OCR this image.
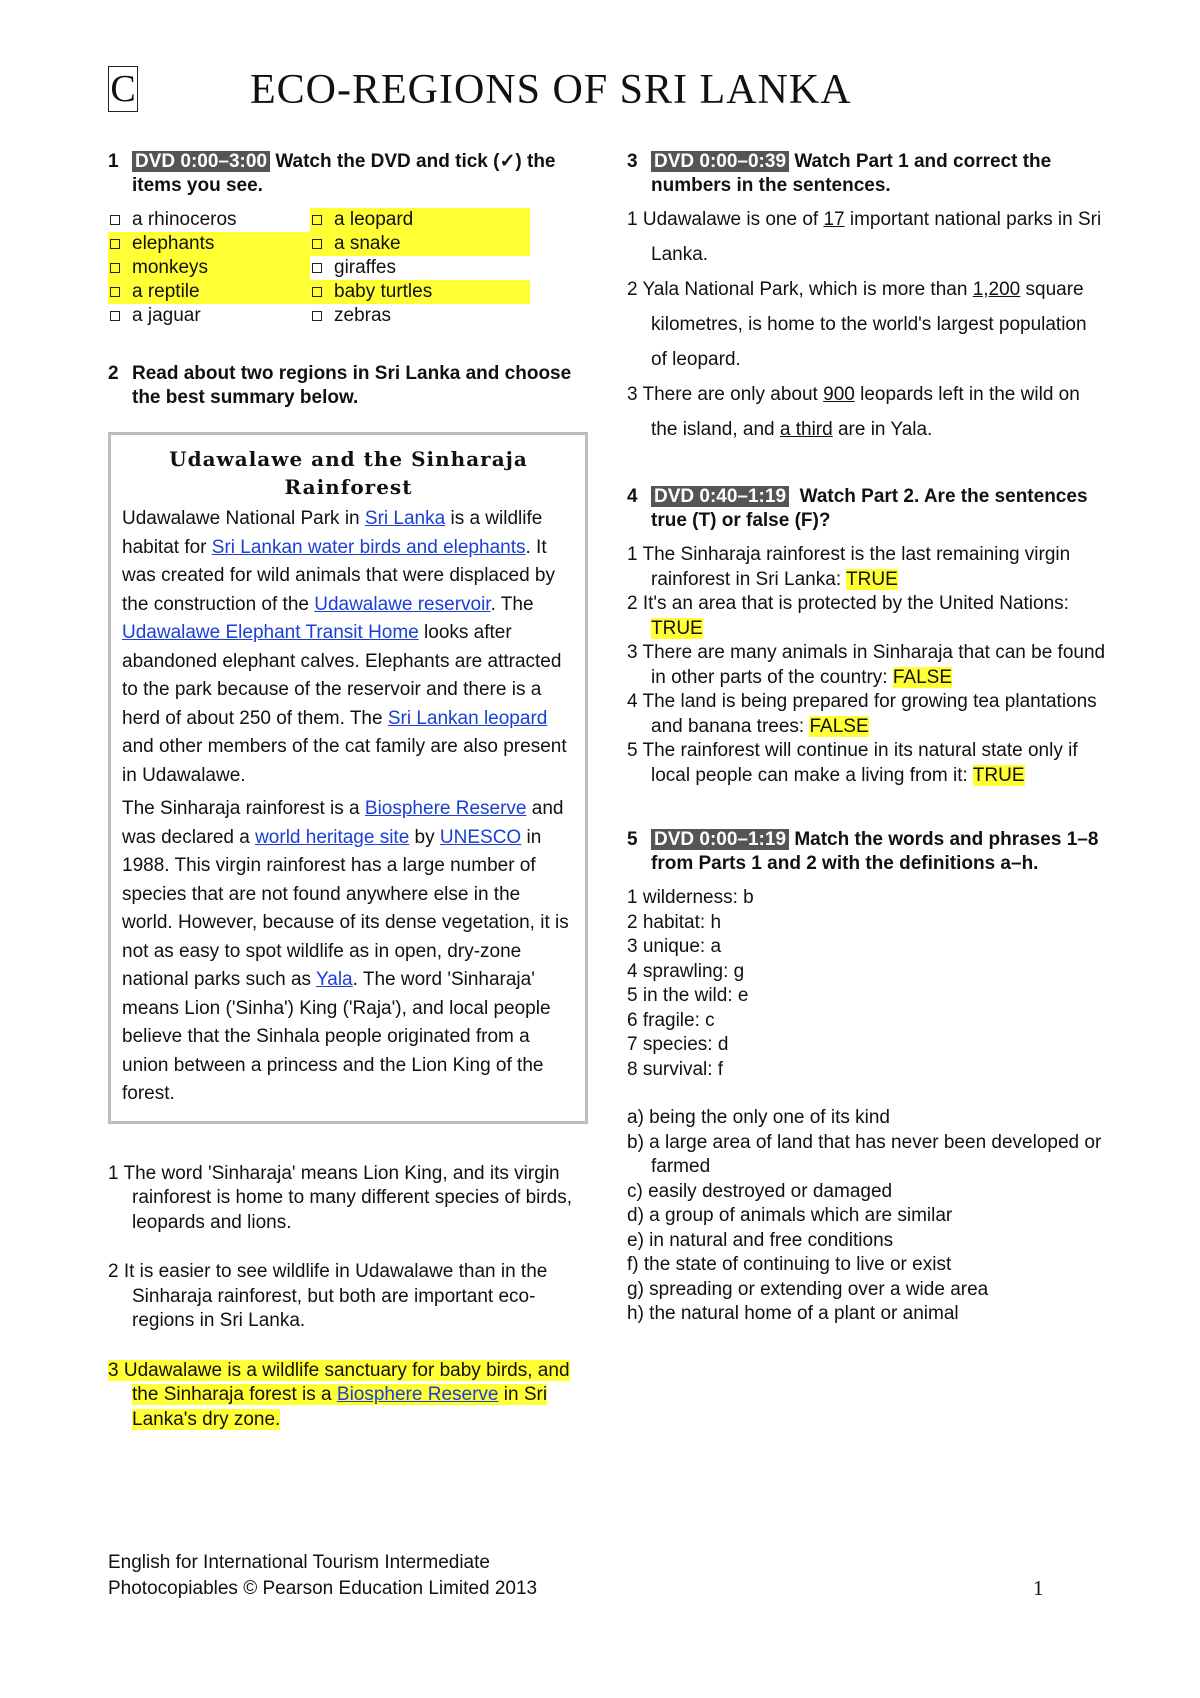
C	ECO-REGIONS OF SRI LANKA
1 DVD 0:00–3:00 Watch the DVD and tick (✓) the items you see.
a rhinoceros
elephants
monkeys
a reptile
a jaguar
a leopard
a snake
giraffes
baby turtles
zebras
2 Read about two regions in Sri Lanka and choose the best summary below.
Udawalawe and the Sinharaja Rainforest

Udawalawe National Park in Sri Lanka is a wildlife habitat for Sri Lankan water birds and elephants. It was created for wild animals that were displaced by the construction of the Udawalawe reservoir. The Udawalawe Elephant Transit Home looks after abandoned elephant calves. Elephants are attracted to the park because of the reservoir and there is a herd of about 250 of them. The Sri Lankan leopard and other members of the cat family are also present in Udawalawe.

The Sinharaja rainforest is a Biosphere Reserve and was declared a world heritage site by UNESCO in 1988. This virgin rainforest has a large number of species that are not found anywhere else in the world. However, because of its dense vegetation, it is not as easy to spot wildlife as in open, dry-zone national parks such as Yala. The word 'Sinharaja' means Lion ('Sinha') King ('Raja'), and local people believe that the Sinhala people originated from a union between a princess and the Lion King of the forest.

1 The word 'Sinharaja' means Lion King, and its virgin rainforest is home to many different species of birds, leopards and lions.
2 It is easier to see wildlife in Udawalawe than in the Sinharaja rainforest, but both are important eco-regions in Sri Lanka.
3 Udawalawe is a wildlife sanctuary for baby birds, and the Sinharaja forest is a Biosphere Reserve in Sri Lanka's dry zone.
3 DVD 0:00–0:39 Watch Part 1 and correct the numbers in the sentences.
1 Udawalawe is one of 17 important national parks in Sri Lanka.
2 Yala National Park, which is more than 1,200 square kilometres, is home to the world's largest population of leopard.
3 There are only about 900 leopards left in the wild on the island, and a third are in Yala.
4 DVD 0:40–1:19 Watch Part 2. Are the sentences true (T) or false (F)?
1 The Sinharaja rainforest is the last remaining virgin rainforest in Sri Lanka: TRUE
2 It's an area that is protected by the United Nations: TRUE
3 There are many animals in Sinharaja that can be found in other parts of the country: FALSE
4 The land is being prepared for growing tea plantations and banana trees: FALSE
5 The rainforest will continue in its natural state only if local people can make a living from it: TRUE
5 DVD 0:00–1:19 Match the words and phrases 1–8 from Parts 1 and 2 with the definitions a–h.
1 wilderness: b
2 habitat: h
3 unique: a
4 sprawling: g
5 in the wild: e
6 fragile: c
7 species: d
8 survival: f
a) being the only one of its kind
b) a large area of land that has never been developed or farmed
c) easily destroyed or damaged
d) a group of animals which are similar
e) in natural and free conditions
f) the state of continuing to live or exist
g) spreading or extending over a wide area
h) the natural home of a plant or animal
English for International Tourism Intermediate
Photocopiables © Pearson Education Limited 2013	1
